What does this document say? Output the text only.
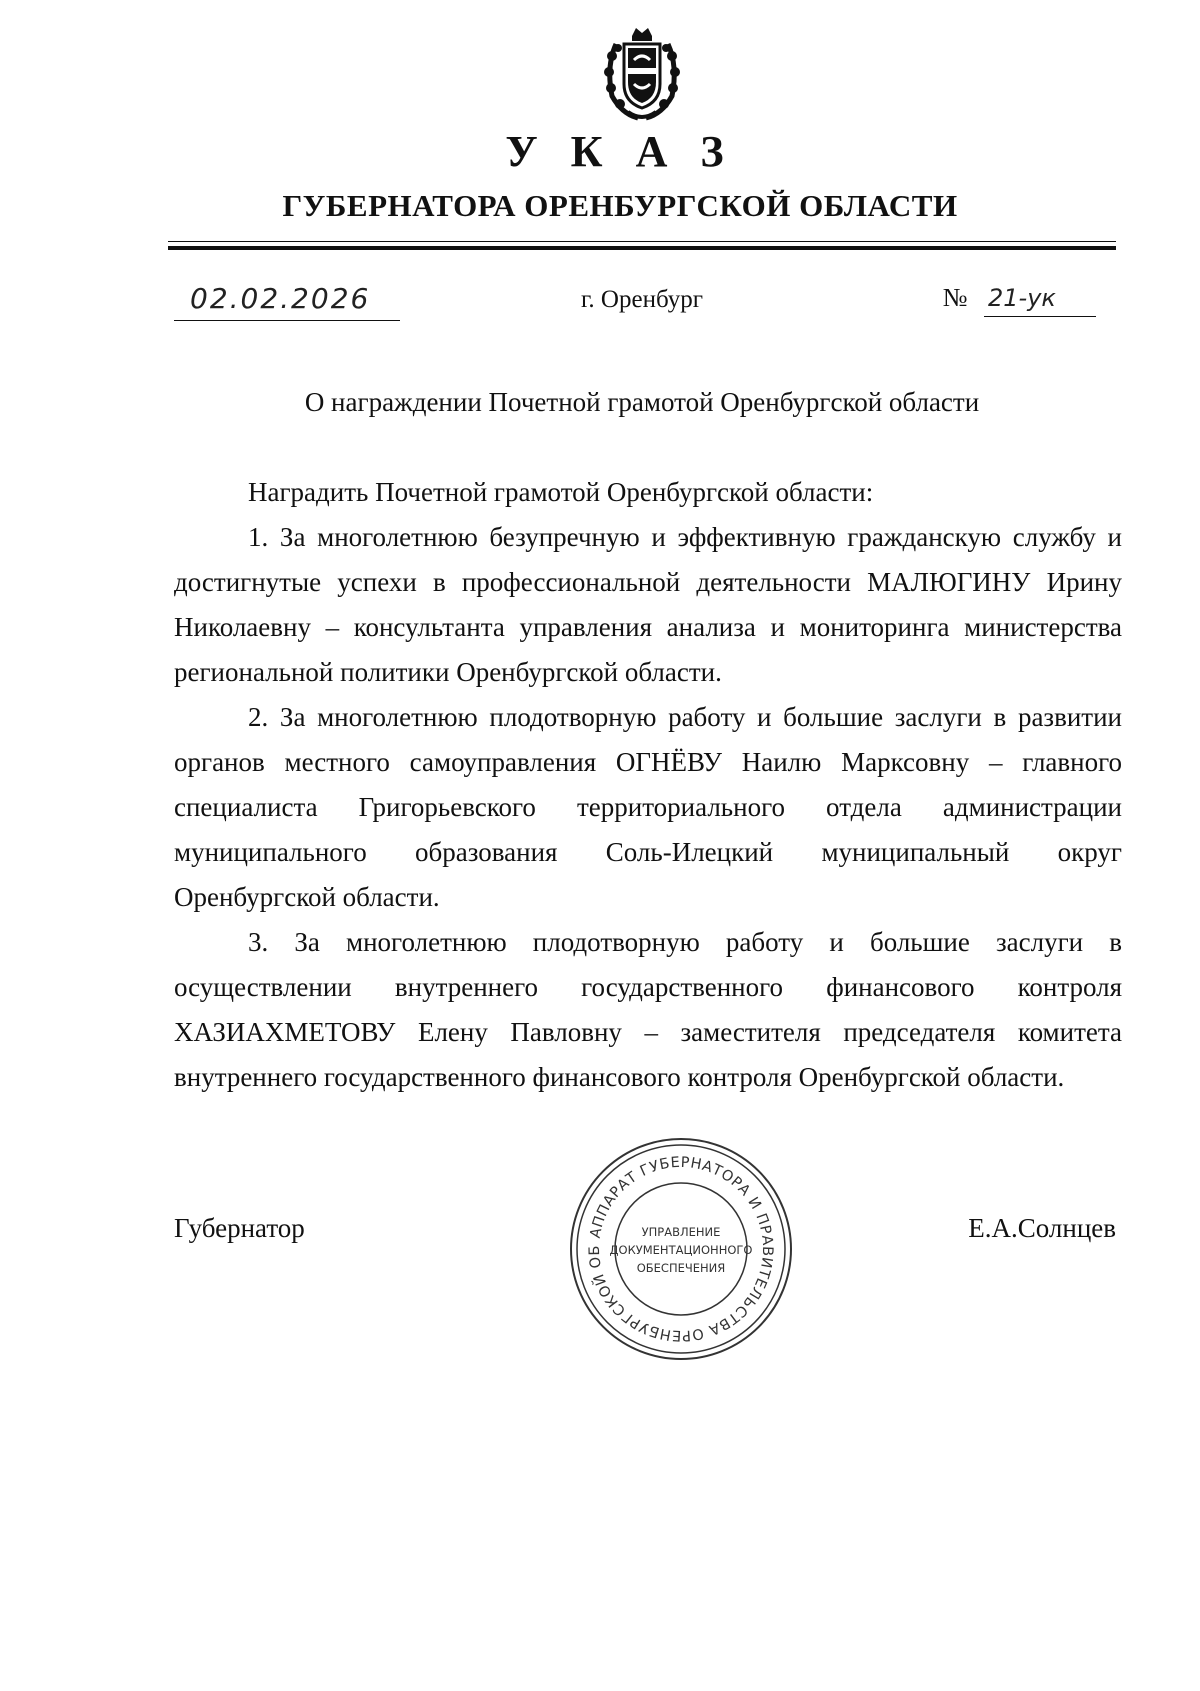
У К А З
ГУБЕРНАТОРА ОРЕНБУРГСКОЙ ОБЛАСТИ
02.02.2026	г. Оренбург	№ 21-ук
О награждении Почетной грамотой Оренбургской области

Наградить Почетной грамотой Оренбургской области:

1. За многолетнюю безупречную и эффективную гражданскую службу и достигнутые успехи в профессиональной деятельности МАЛЮГИНУ Ирину Николаевну – консультанта управления анализа и мониторинга министерства региональной политики Оренбургской области.

2. За многолетнюю плодотворную работу и большие заслуги в развитии органов местного самоуправления ОГНЁВУ Наилю Марксовну – главного специалиста Григорьевского территориального отдела администрации муниципального образования Соль-Илецкий муниципальный округ Оренбургской области.

3. За многолетнюю плодотворную работу и большие заслуги в осуществлении внутреннего государственного финансового контроля ХАЗИАХМЕТОВУ Елену Павловну – заместителя председателя комитета внутреннего государственного финансового контроля Оренбургской области.

Губернатор	Е.А.Солнцев
АППАРАТ ГУБЕРНАТОРА И ПРАВИТЕЛЬСТВА ОРЕНБУРГСКОЙ ОБ
УПРАВЛЕНИЕ
ДОКУМЕНТАЦИОННОГО
ОБЕСПЕЧЕНИЯ
